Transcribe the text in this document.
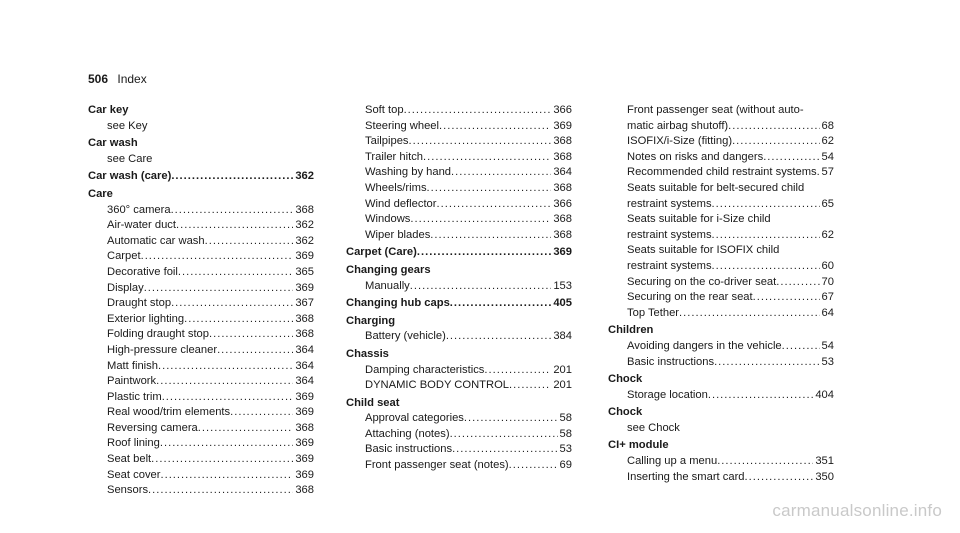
506 Index
Car key
see Key
Car wash
see Care
Car wash (care) .....	362
Care
360° camera .....	368
Air-water duct .....	362
Automatic car wash .....	362
Carpet .....	369
Decorative foil .....	365
Display .....	369
Draught stop .....	367
Exterior lighting .....	368
Folding draught stop .....	368
High-pressure cleaner .....	364
Matt finish .....	364
Paintwork .....	364
Plastic trim .....	369
Real wood/trim elements .....	369
Reversing camera .....	368
Roof lining .....	369
Seat belt .....	369
Seat cover .....	369
Sensors .....	368
Soft top .....	366
Steering wheel .....	369
Tailpipes .....	368
Trailer hitch .....	368
Washing by hand .....	364
Wheels/rims .....	368
Wind deflector .....	366
Windows .....	368
Wiper blades .....	368
Carpet (Care) .....	369
Changing gears
Manually .....	153
Changing hub caps .....	405
Charging
Battery (vehicle) .....	384
Chassis
Damping characteristics .....	201
DYNAMIC BODY CONTROL .....	201
Child seat
Approval categories .....	58
Attaching (notes) .....	58
Basic instructions .....	53
Front passenger seat (notes) .....	69
Front passenger seat (without auto-
matic airbag shutoff) .....	68
ISOFIX/i-Size (fitting) .....	62
Notes on risks and dangers .....	54
Recommended child restraint systems ..... 57
Seats suitable for belt-secured child
restraint systems .....	65
Seats suitable for i-Size child
restraint systems .....	62
Seats suitable for ISOFIX child
restraint systems .....	60
Securing on the co-driver seat .....	70
Securing on the rear seat .....	67
Top Tether .....	64
Children
Avoiding dangers in the vehicle .....	54
Basic instructions .....	53
Chock
Storage location .....	404
Chock
see Chock
CI+ module
Calling up a menu .....	351
Inserting the smart card .....	350
carmanualsonline.info
